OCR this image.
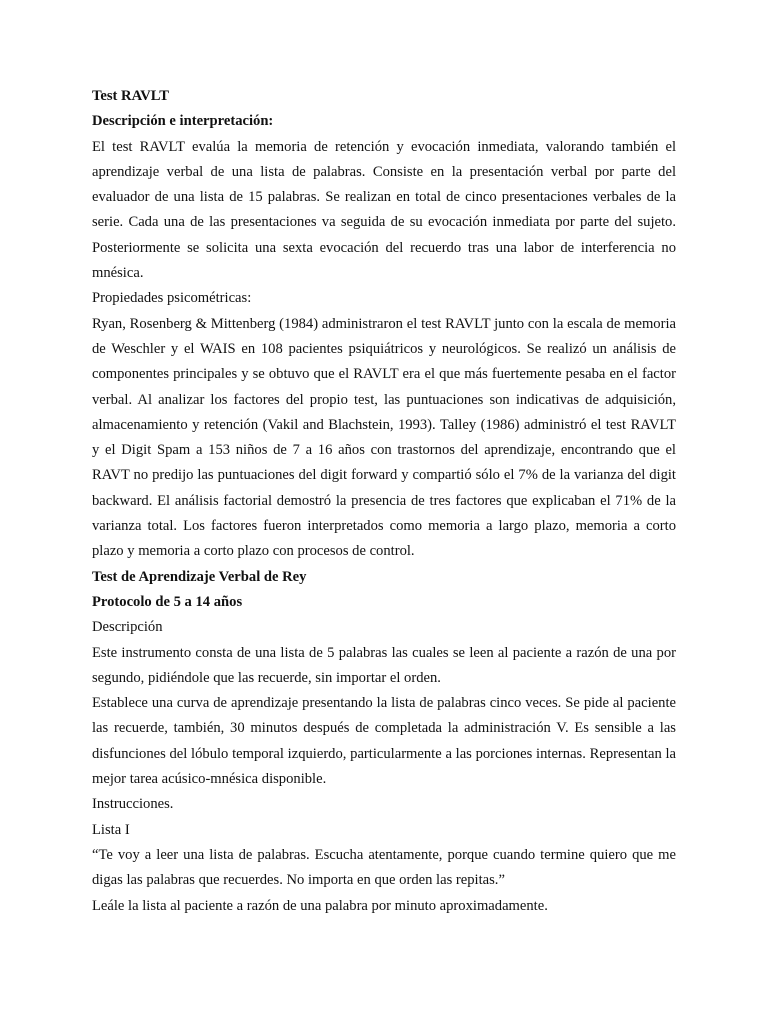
Test RAVLT

Descripción e interpretación:

El test RAVLT evalúa la memoria de retención y evocación inmediata, valorando también el aprendizaje verbal de una lista de palabras. Consiste en la presentación verbal por parte del evaluador de una lista de 15 palabras. Se realizan en total de cinco presentaciones verbales de la serie. Cada una de las presentaciones va seguida de su evocación inmediata por parte del sujeto. Posteriormente se solicita una sexta evocación del recuerdo tras una labor de interferencia no mnésica.

Propiedades psicométricas:

Ryan, Rosenberg & Mittenberg (1984) administraron el test RAVLT junto con la escala de memoria de Weschler y el WAIS en 108 pacientes psiquiátricos y neurológicos. Se realizó un análisis de componentes principales y se obtuvo que el RAVLT era el que más fuertemente pesaba en el factor verbal. Al analizar los factores del propio test, las puntuaciones son indicativas de adquisición, almacenamiento y retención (Vakil and Blachstein, 1993). Talley (1986) administró el test RAVLT y el Digit Spam a 153 niños de 7 a 16 años con trastornos del aprendizaje, encontrando que el RAVT no predijo las puntuaciones del digit forward y compartió sólo el 7% de la varianza del digit backward. El análisis factorial demostró la presencia de tres factores que explicaban el 71% de la varianza total. Los factores fueron interpretados como memoria a largo plazo, memoria a corto plazo y memoria a corto plazo con procesos de control.

Test de Aprendizaje Verbal de Rey

Protocolo de 5 a 14 años

Descripción

Este instrumento consta de una lista de 5 palabras las cuales se leen al paciente a razón de una por segundo, pidiéndole que las recuerde, sin importar el orden.

Establece una curva de aprendizaje presentando la lista de palabras cinco veces. Se pide al paciente las recuerde, también, 30 minutos después de completada la administración V. Es sensible a las disfunciones del lóbulo temporal izquierdo, particularmente a las porciones internas. Representan la mejor tarea acúsico-mnésica disponible.

Instrucciones.

Lista I

“Te voy a leer una lista de palabras. Escucha atentamente, porque cuando termine quiero que me digas las palabras que recuerdes. No importa en que orden las repitas.”

Leále la lista al paciente a razón de una palabra por minuto aproximadamente.
